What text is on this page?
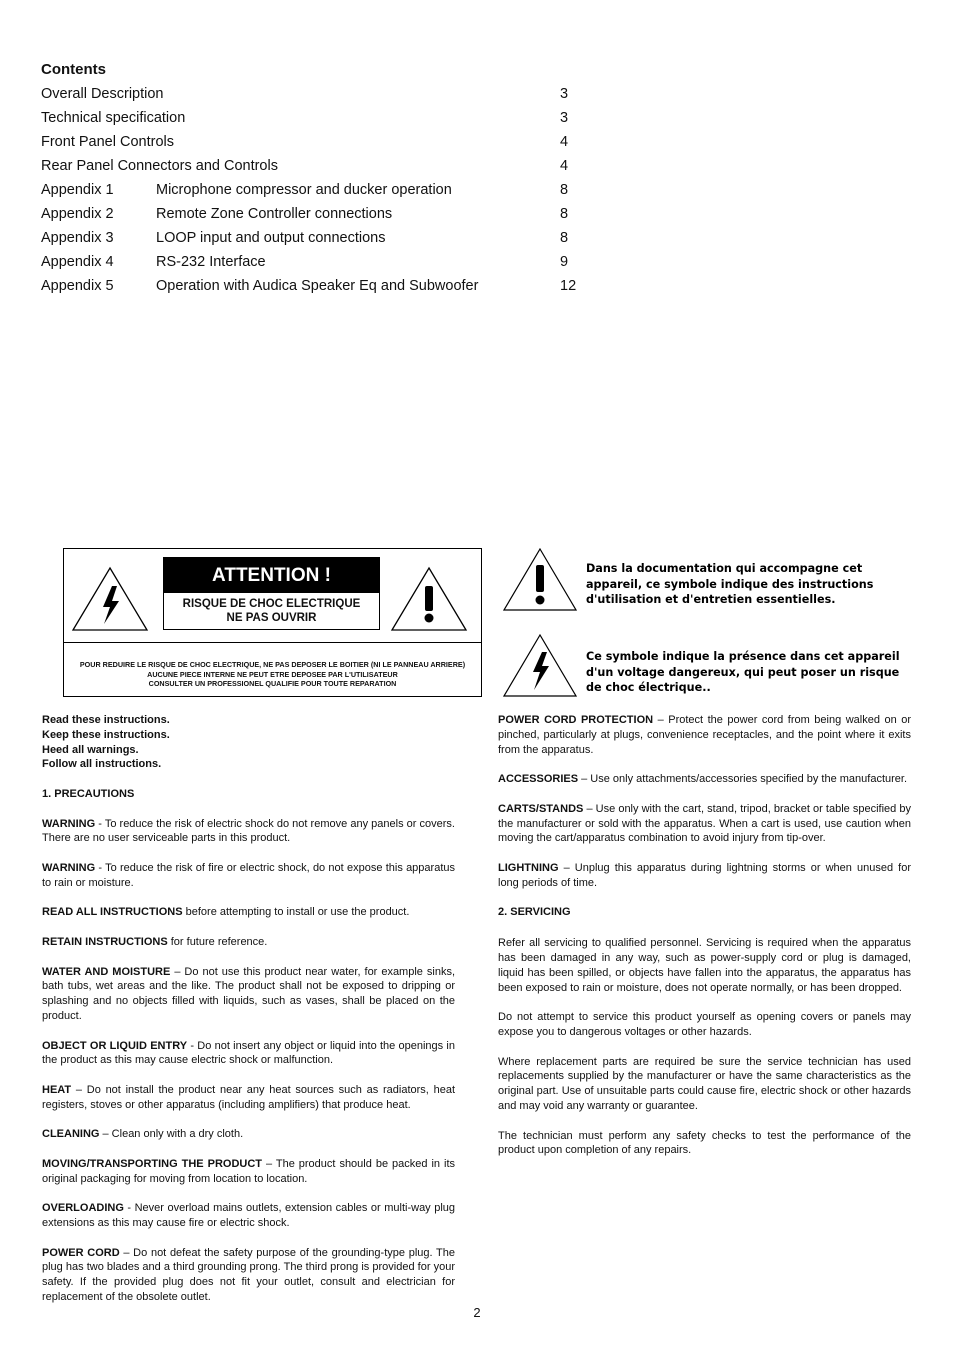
Contents
Overall Description	3
Technical specification	3
Front Panel Controls	4
Rear Panel Connectors and Controls	4
Appendix 1	Microphone compressor and ducker operation	8
Appendix 2	Remote Zone Controller connections	8
Appendix 3	LOOP input and output connections	8
Appendix 4	RS-232 Interface	9
Appendix 5	Operation with Audica Speaker Eq and Subwoofer	12
ATTENTION !
RISQUE DE CHOC ELECTRIQUE
NE PAS OUVRIR
POUR REDUIRE LE RISQUE DE CHOC ELECTRIQUE, NE PAS DEPOSER LE BOITIER (NI LE PANNEAU ARRIERE)
AUCUNE PIECE INTERNE NE PEUT ETRE DEPOSEE PAR L'UTILISATEUR
CONSULTER UN PROFESSIONEL QUALIFIE POUR TOUTE REPARATION
Dans la documentation qui accompagne cet appareil, ce symbole indique des instructions d'utilisation et d'entretien essentielles.
Ce symbole indique la présence dans cet appareil d'un voltage dangereux, qui peut poser un risque de choc électrique..
Read these instructions.
Keep these instructions.
Heed all warnings.
Follow all instructions.

1. PRECAUTIONS

WARNING - To reduce the risk of electric shock do not remove any panels or covers. There are no user serviceable parts in this product.

WARNING - To reduce the risk of fire or electric shock, do not expose this apparatus to rain or moisture.

READ ALL INSTRUCTIONS before attempting to install or use the product.

RETAIN INSTRUCTIONS for future reference.

WATER AND MOISTURE – Do not use this product near water, for example sinks, bath tubs, wet areas and the like. The product shall not be exposed to dripping or splashing and no objects filled with liquids, such as vases, shall be placed on the product.

OBJECT OR LIQUID ENTRY - Do not insert any object or liquid into the openings in the product as this may cause electric shock or malfunction.

HEAT – Do not install the product near any heat sources such as radiators, heat registers, stoves or other apparatus (including amplifiers) that produce heat.

CLEANING – Clean only with a dry cloth.

MOVING/TRANSPORTING THE PRODUCT – The product should be packed in its original packaging for moving from location to location.

OVERLOADING - Never overload mains outlets, extension cables or multi-way plug extensions as this may cause fire or electric shock.

POWER CORD – Do not defeat the safety purpose of the grounding-type plug. The plug has two blades and a third grounding prong. The third prong is provided for your safety. If the provided plug does not fit your outlet, consult and electrician for replacement of the obsolete outlet.

POWER CORD PROTECTION – Protect the power cord from being walked on or pinched, particularly at plugs, convenience receptacles, and the point where it exits from the apparatus.

ACCESSORIES – Use only attachments/accessories specified by the manufacturer.

CARTS/STANDS – Use only with the cart, stand, tripod, bracket or table specified by the manufacturer or sold with the apparatus. When a cart is used, use caution when moving the cart/apparatus combination to avoid injury from tip-over.

LIGHTNING – Unplug this apparatus during lightning storms or when unused for long periods of time.

2. SERVICING

Refer all servicing to qualified personnel. Servicing is required when the apparatus has been damaged in any way, such as power-supply cord or plug is damaged, liquid has been spilled, or objects have fallen into the apparatus, the apparatus has been exposed to rain or moisture, does not operate normally, or has been dropped.

Do not attempt to service this product yourself as opening covers or panels may expose you to dangerous voltages or other hazards.

Where replacement parts are required be sure the service technician has used replacements supplied by the manufacturer or have the same characteristics as the original part. Use of unsuitable parts could cause fire, electric shock or other hazards and may void any warranty or guarantee.

The technician must perform any safety checks to test the performance of the product upon completion of any repairs.

2
